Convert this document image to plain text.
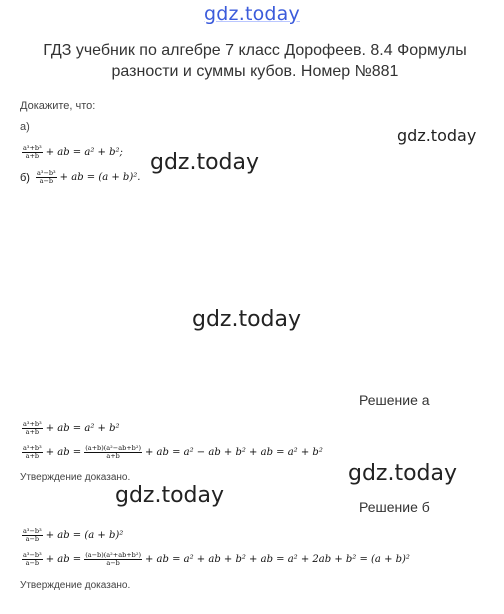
gdz.today
ГДЗ учебник по алгебре 7 класс Дорофеев. 8.4 Формулы разности и суммы кубов. Номер №881
Докажите, что:
а)
$\frac{\text{a³+b³}}{a+b}$ + ab = a² + b²;
$б) \frac{\text{a³−b³}}{a-b}$ + ab = (a + b)².
gdz.today
gdz.today
gdz.today
gdz.today
gdz.today
Решение а
$\frac{\text{a³+b³}}{a+b}$ + ab = a² + b²
$\frac{\text{a³+b³}}{a+b}$ + ab = $\frac{\text{(a+b)(a²−ab+b²)}}{a+b}$ + ab = a² − ab + b² + ab = a² + b²
Утверждение доказано.
Решение б
$\frac{\text{a³−b³}}{a-b}$ + ab = (a + b)²
$\frac{\text{a³−b³}}{a-b}$ + ab = $\frac{\text{(a−b)(a²+ab+b²)}}{a-b}$ + ab = a² + ab + b² + ab = a² + 2ab + b² = (a + b)²
Утверждение доказано.
